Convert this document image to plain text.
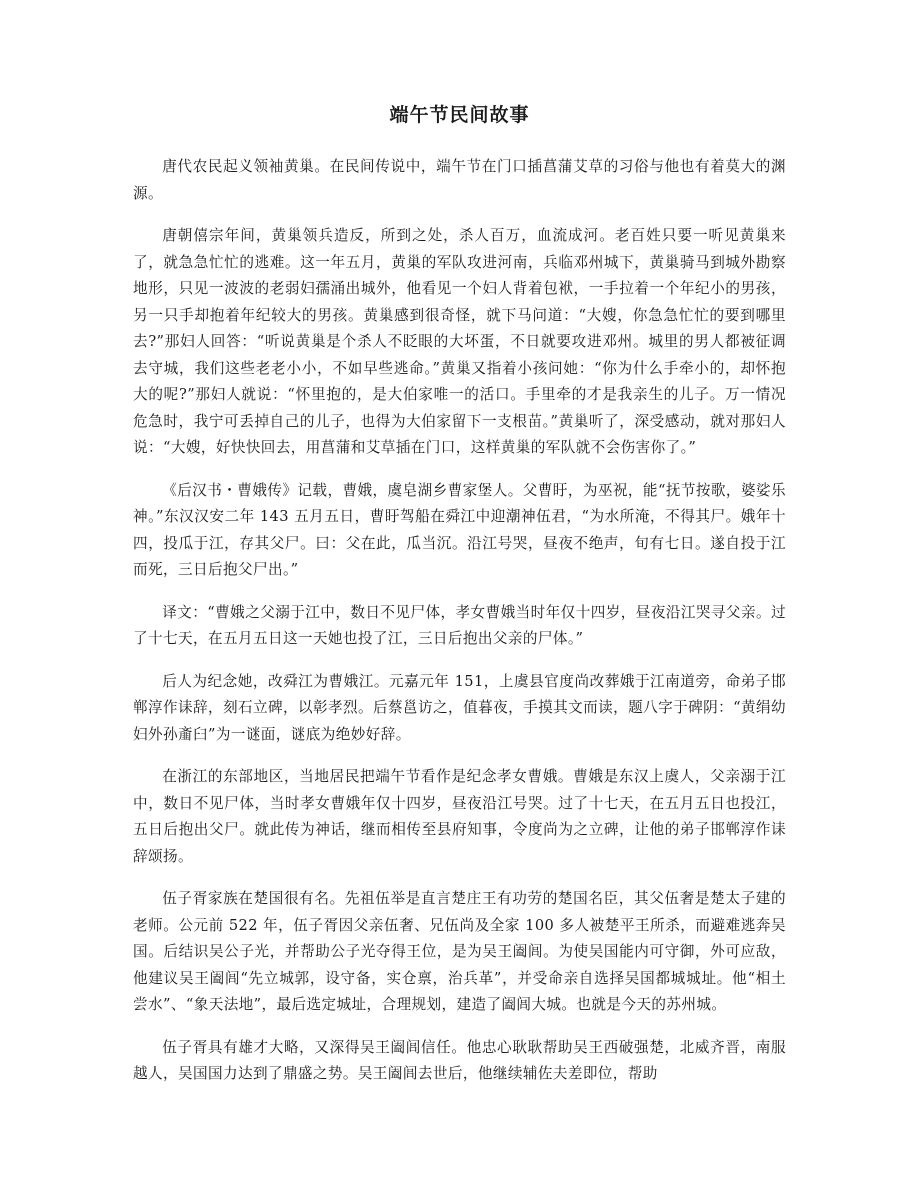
端午节民间故事

唐代农民起义领袖黄巢。在民间传说中，端午节在门口插菖蒲艾草的习俗与他也有着莫大的渊源。

唐朝僖宗年间，黄巢领兵造反，所到之处，杀人百万，血流成河。老百姓只要一听见黄巢来了，就急急忙忙的逃难。这一年五月，黄巢的军队攻进河南，兵临邓州城下，黄巢骑马到城外勘察地形，只见一波波的老弱妇孺涌出城外，他看见一个妇人背着包袱，一手拉着一个年纪小的男孩，另一只手却抱着年纪较大的男孩。黄巢感到很奇怪，就下马问道：“大嫂，你急急忙忙的要到哪里去?”那妇人回答：“听说黄巢是个杀人不眨眼的大坏蛋，不日就要攻进邓州。城里的男人都被征调去守城，我们这些老老小小，不如早些逃命。”黄巢又指着小孩问她：“你为什么手牵小的，却怀抱大的呢?”那妇人就说：“怀里抱的，是大伯家唯一的活口。手里牵的才是我亲生的儿子。万一情况危急时，我宁可丢掉自己的儿子，也得为大伯家留下一支根苗。”黄巢听了，深受感动，就对那妇人说：“大嫂，好快快回去，用菖蒲和艾草插在门口，这样黄巢的军队就不会伤害你了。”

《后汉书・曹娥传》记载，曹娥，虞皂湖乡曹家堡人。父曹盱，为巫祝，能“抚节按歌，婆娑乐神。”东汉汉安二年 143 五月五日，曹盱驾船在舜江中迎潮神伍君，“为水所淹，不得其尸。娥年十四，投瓜于江，存其父尸。曰：父在此，瓜当沉。沿江号哭，昼夜不绝声，旬有七日。遂自投于江而死，三日后抱父尸出。”

译文：“曹娥之父溺于江中，数日不见尸体，孝女曹娥当时年仅十四岁，昼夜沿江哭寻父亲。过了十七天，在五月五日这一天她也投了江，三日后抱出父亲的尸体。”

后人为纪念她，改舜江为曹娥江。元嘉元年 151，上虞县官度尚改葬娥于江南道旁，命弟子邯郸淳作诔辞，刻石立碑，以彰孝烈。后蔡邕访之，值暮夜，手摸其文而读，题八字于碑阴：“黄绢幼妇外孙齑臼”为一谜面，谜底为绝妙好辞。

在浙江的东部地区，当地居民把端午节看作是纪念孝女曹娥。曹娥是东汉上虞人，父亲溺于江中，数日不见尸体，当时孝女曹娥年仅十四岁，昼夜沿江号哭。过了十七天，在五月五日也投江，五日后抱出父尸。就此传为神话，继而相传至县府知事，令度尚为之立碑，让他的弟子邯郸淳作诔辞颂扬。

伍子胥家族在楚国很有名。先祖伍举是直言楚庄王有功劳的楚国名臣，其父伍奢是楚太子建的老师。公元前 522 年，伍子胥因父亲伍奢、兄伍尚及全家 100 多人被楚平王所杀，而避难逃奔吴国。后结识吴公子光，并帮助公子光夺得王位，是为吴王阖闾。为使吴国能内可守御，外可应敌，他建议吴王阖闾“先立城郭，设守备，实仓禀，治兵革”，并受命亲自选择吴国都城城址。他“相土尝水”、“象天法地”，最后选定城址，合理规划，建造了阖闾大城。也就是今天的苏州城。

伍子胥具有雄才大略，又深得吴王阖闾信任。他忠心耿耿帮助吴王西破强楚，北威齐晋，南服越人，吴国国力达到了鼎盛之势。吴王阖闾去世后，他继续辅佐夫差即位，帮助
